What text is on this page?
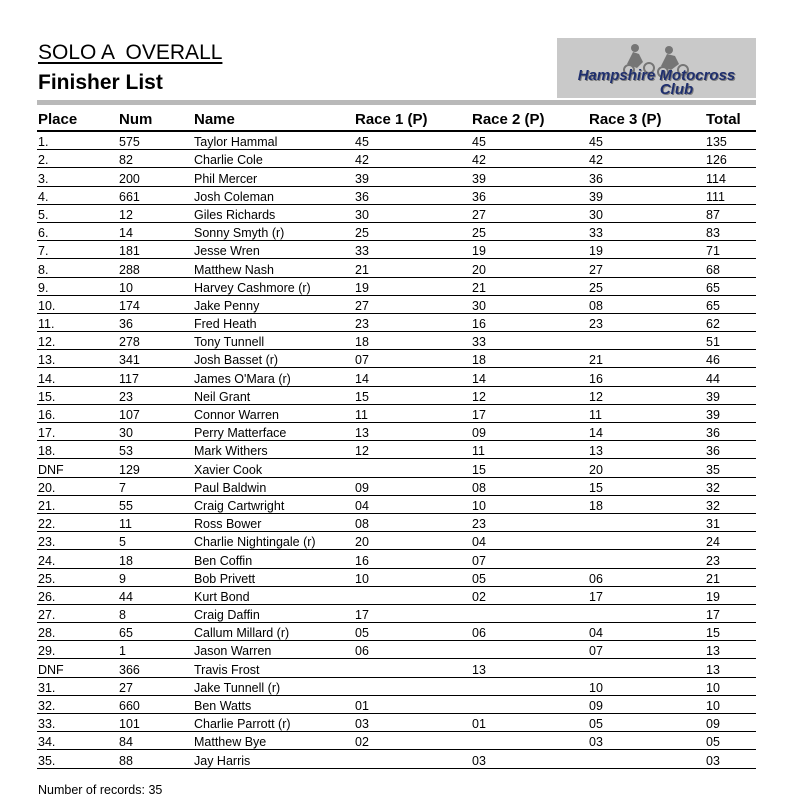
SOLO A  OVERALL
Finisher List	Hampshire Motocross
Club
Place	Num	Name	Race 1 (P)	Race 2 (P)	Race 3 (P)	Total
1.	575	Taylor Hammal	45	45	45	135
2.	82	Charlie Cole	42	42	42	126
3.	200	Phil Mercer	39	39	36	114
4.	661	Josh Coleman	36	36	39	111
5.	12	Giles Richards	30	27	30	87
6.	14	Sonny Smyth (r)	25	25	33	83
7.	181	Jesse Wren	33	19	19	71
8.	288	Matthew Nash	21	20	27	68
9.	10	Harvey Cashmore (r)	19	21	25	65
10.	174	Jake Penny	27	30	08	65
11.	36	Fred Heath	23	16	23	62
12.	278	Tony Tunnell	18	33		51
13.	341	Josh Basset (r)	07	18	21	46
14.	117	James O'Mara (r)	14	14	16	44
15.	23	Neil Grant	15	12	12	39
16.	107	Connor Warren	11	17	11	39
17.	30	Perry Matterface	13	09	14	36
18.	53	Mark Withers	12	11	13	36
DNF	129	Xavier Cook		15	20	35
20.	7	Paul Baldwin	09	08	15	32
21.	55	Craig Cartwright	04	10	18	32
22.	11	Ross Bower	08	23		31
23.	5	Charlie Nightingale (r)	20	04		24
24.	18	Ben Coffin	16	07		23
25.	9	Bob Privett	10	05	06	21
26.	44	Kurt Bond		02	17	19
27.	8	Craig Daffin	17			17
28.	65	Callum Millard (r)	05	06	04	15
29.	1	Jason Warren	06		07	13
DNF	366	Travis Frost		13		13
31.	27	Jake Tunnell (r)			10	10
32.	660	Ben Watts	01		09	10
33.	101	Charlie Parrott (r)	03	01	05	09
34.	84	Matthew Bye	02		03	05
35.	88	Jay Harris		03		03
Number of records: 35
